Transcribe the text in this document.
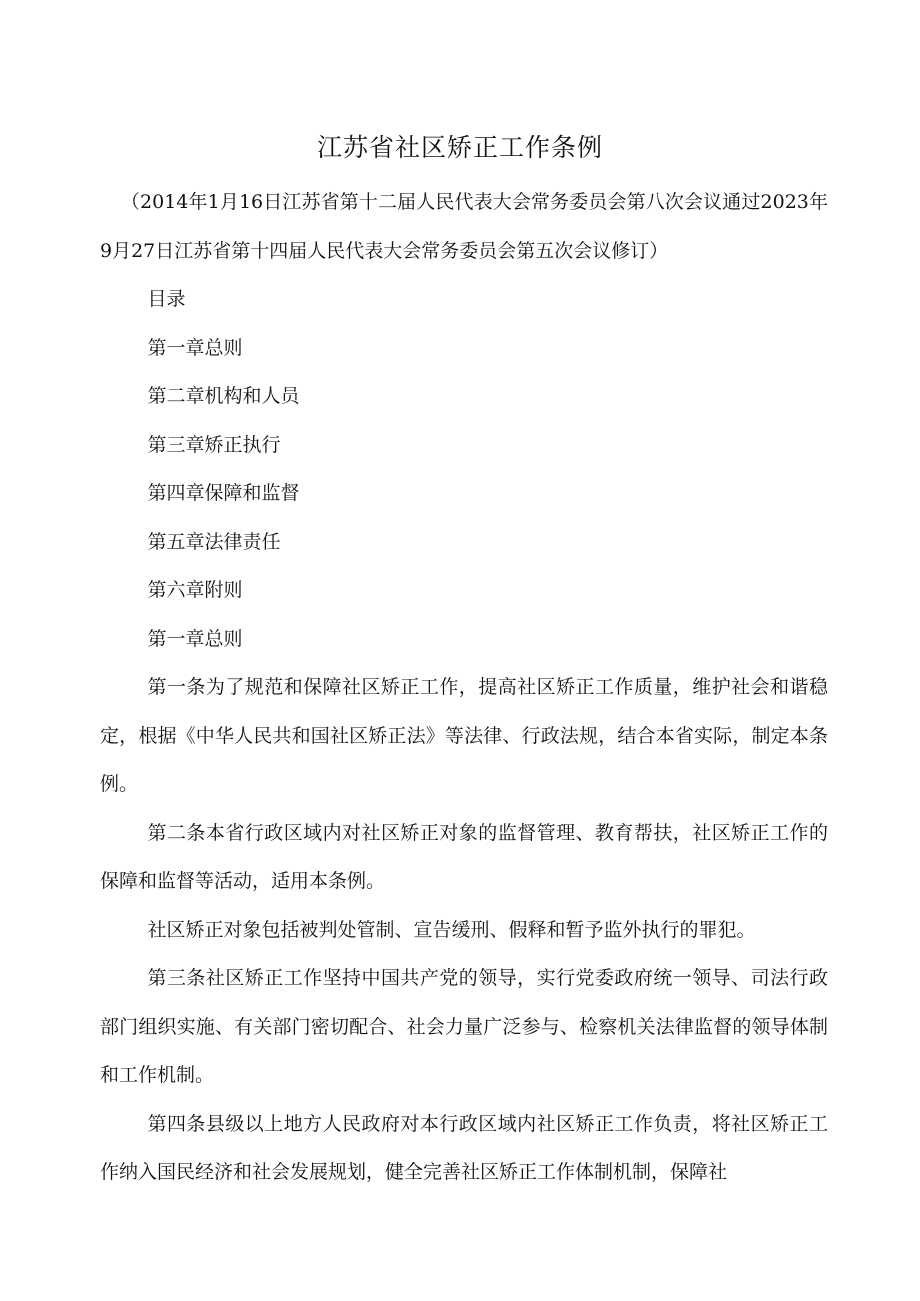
江苏省社区矫正工作条例

（2014年1月16日江苏省第十二届人民代表大会常务委员会第八次会议通过2023年9月27日江苏省第十四届人民代表大会常务委员会第五次会议修订）

目录

第一章总则

第二章机构和人员

第三章矫正执行

第四章保障和监督

第五章法律责任

第六章附则

第一章总则

第一条为了规范和保障社区矫正工作，提高社区矫正工作质量，维护社会和谐稳定，根据《中华人民共和国社区矫正法》等法律、行政法规，结合本省实际，制定本条例。

第二条本省行政区域内对社区矫正对象的监督管理、教育帮扶，社区矫正工作的保障和监督等活动，适用本条例。

社区矫正对象包括被判处管制、宣告缓刑、假释和暂予监外执行的罪犯。

第三条社区矫正工作坚持中国共产党的领导，实行党委政府统一领导、司法行政部门组织实施、有关部门密切配合、社会力量广泛参与、检察机关法律监督的领导体制和工作机制。

第四条县级以上地方人民政府对本行政区域内社区矫正工作负责，将社区矫正工作纳入国民经济和社会发展规划，健全完善社区矫正工作体制机制，保障社
